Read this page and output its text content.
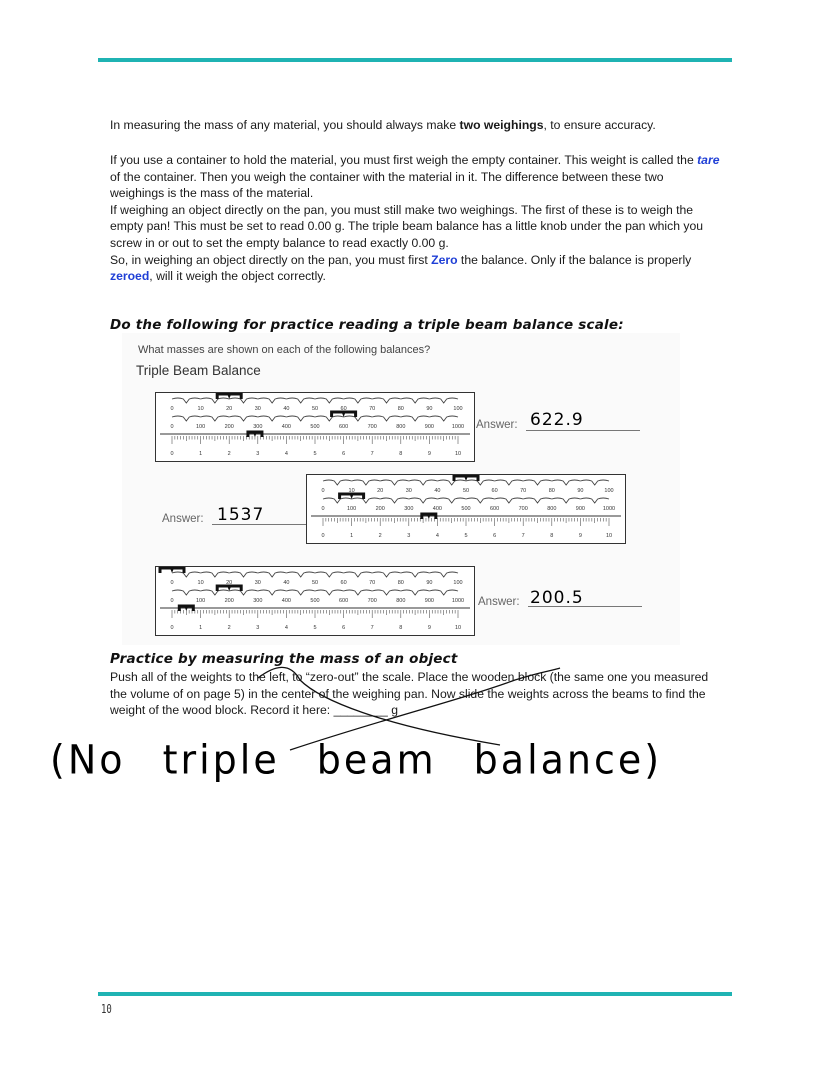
In measuring the mass of any material, you should always make two weighings, to ensure accuracy.
If you use a container to hold the material, you must first weigh the empty container. This weight is called the tare of the container. Then you weigh the container with the material in it. The difference between these two weighings is the mass of the material.
If weighing an object directly on the pan, you must still make two weighings. The first of these is to weigh the empty pan! This must be set to read 0.00 g. The triple beam balance has a little knob under the pan which you screw in or out to set the empty balance to read exactly 0.00 g.
So, in weighing an object directly on the pan, you must first Zero the balance. Only if the balance is properly zeroed, will it weigh the object correctly.
Do the following for practice reading a triple beam balance scale:
What masses are shown on each of the following balances?
Triple Beam Balance
0	10	20	30	40	50	60	70	80	90	100
0	100	200	300	400	500	600	700	800	900	1000
0	1	2	3	4	5	6	7	8	9	10
0	10	20	30	40	50	60	70	80	90	100
0	100	200	300	400	500	600	700	800	900	1000
0	1	2	3	4	5	6	7	8	9	10
0	10	20	30	40	50	60	70	80	90	100
0	100	200	300	400	500	600	700	800	900	1000
0	1	2	3	4	5	6	7	8	9	10
Answer: 622.9
Answer: 1537
Answer: 200.5
Practice by measuring the mass of an object
Push all of the weights to the left, to “zero-out” the scale. Place the wooden block (the same one you measured the volume of on page 5) in the center of the weighing pan. Now slide the weights across the beams to find the weight of the wood block. Record it here: ________ g
(No triple beam balance)
10
